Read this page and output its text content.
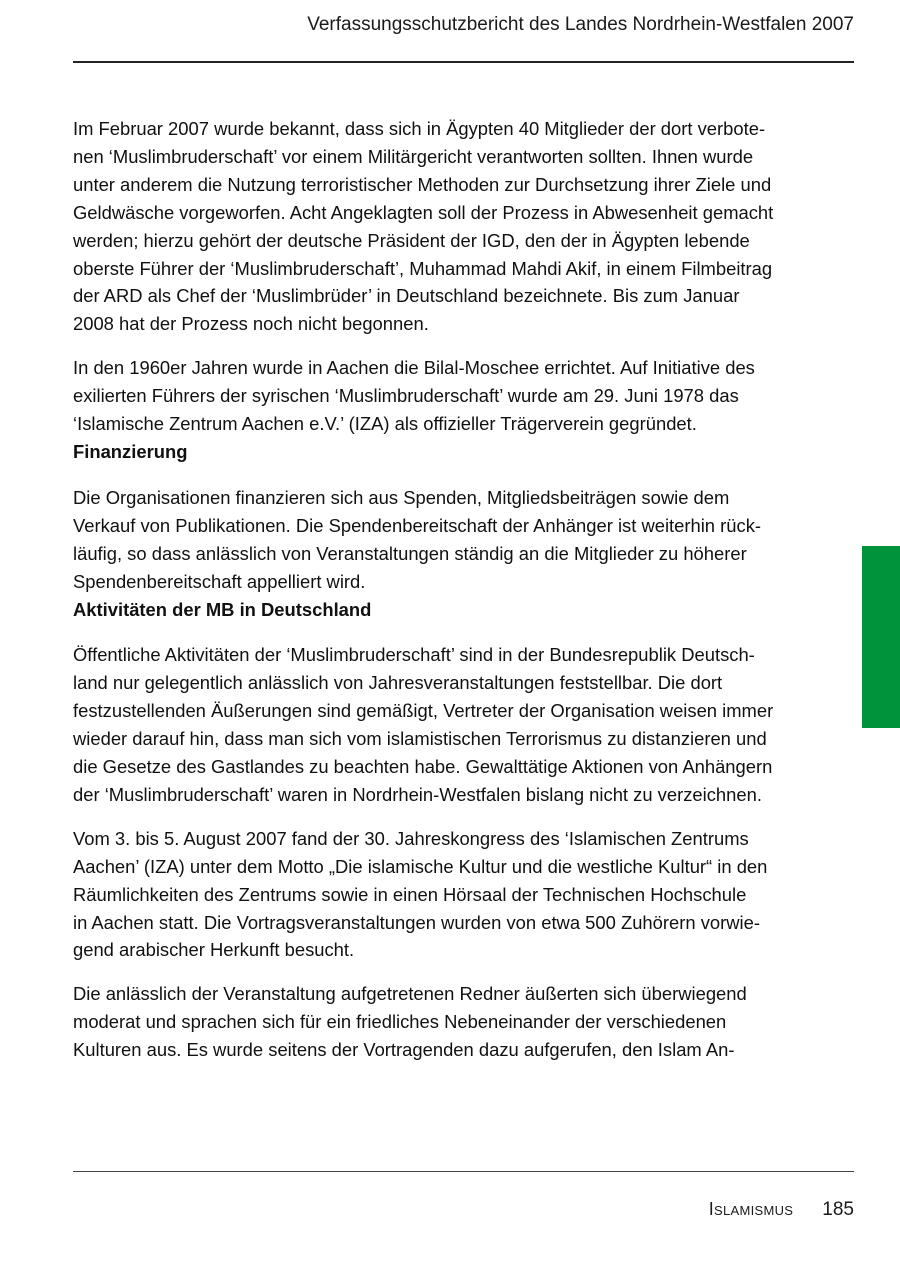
Verfassungsschutzbericht des Landes Nordrhein-Westfalen 2007
Im Februar 2007 wurde bekannt, dass sich in Ägypten 40 Mitglieder der dort verbote-
nen ‘Muslimbruderschaft’ vor einem Militärgericht verantworten sollten. Ihnen wurde
unter anderem die Nutzung terroristischer Methoden zur Durchsetzung ihrer Ziele und
Geldwäsche vorgeworfen. Acht Angeklagten soll der Prozess in Abwesenheit gemacht
werden; hierzu gehört der deutsche Präsident der IGD, den der in Ägypten lebende
oberste Führer der ‘Muslimbruderschaft’, Muhammad Mahdi Akif, in einem Filmbeitrag
der ARD als Chef der ‘Muslimbrüder’ in Deutschland bezeichnete. Bis zum Januar
2008 hat der Prozess noch nicht begonnen.
In den 1960er Jahren wurde in Aachen die Bilal-Moschee errichtet. Auf Initiative des
exilierten Führers der syrischen ‘Muslimbruderschaft’ wurde am 29. Juni 1978 das
‘Islamische Zentrum Aachen e.V.’ (IZA) als offizieller Trägerverein gegründet.
Finanzierung
Die Organisationen finanzieren sich aus Spenden, Mitgliedsbeiträgen sowie dem
Verkauf von Publikationen. Die Spendenbereitschaft der Anhänger ist weiterhin rück-
läufig, so dass anlässlich von Veranstaltungen ständig an die Mitglieder zu höherer
Spendenbereitschaft appelliert wird.
Aktivitäten der MB in Deutschland
Öffentliche Aktivitäten der ‘Muslimbruderschaft’ sind in der Bundesrepublik Deutsch-
land nur gelegentlich anlässlich von Jahresveranstaltungen feststellbar. Die dort
festzustellenden Äußerungen sind gemäßigt, Vertreter der Organisation weisen immer
wieder darauf hin, dass man sich vom islamistischen Terrorismus zu distanzieren und
die Gesetze des Gastlandes zu beachten habe. Gewalttätige Aktionen von Anhängern
der ‘Muslimbruderschaft’ waren in Nordrhein-Westfalen bislang nicht zu verzeichnen.
Vom 3. bis 5. August 2007 fand der 30. Jahreskongress des ‘Islamischen Zentrums
Aachen’ (IZA) unter dem Motto „Die islamische Kultur und die westliche Kultur“ in den
Räumlichkeiten des Zentrums sowie in einen Hörsaal der Technischen Hochschule
in Aachen statt. Die Vortragsveranstaltungen wurden von etwa 500 Zuhörern vorwie-
gend arabischer Herkunft besucht.
Die anlässlich der Veranstaltung aufgetretenen Redner äußerten sich überwiegend
moderat und sprachen sich für ein friedliches Nebeneinander der verschiedenen
Kulturen aus. Es wurde seitens der Vortragenden dazu aufgerufen, den Islam An-
Islamismus 185
